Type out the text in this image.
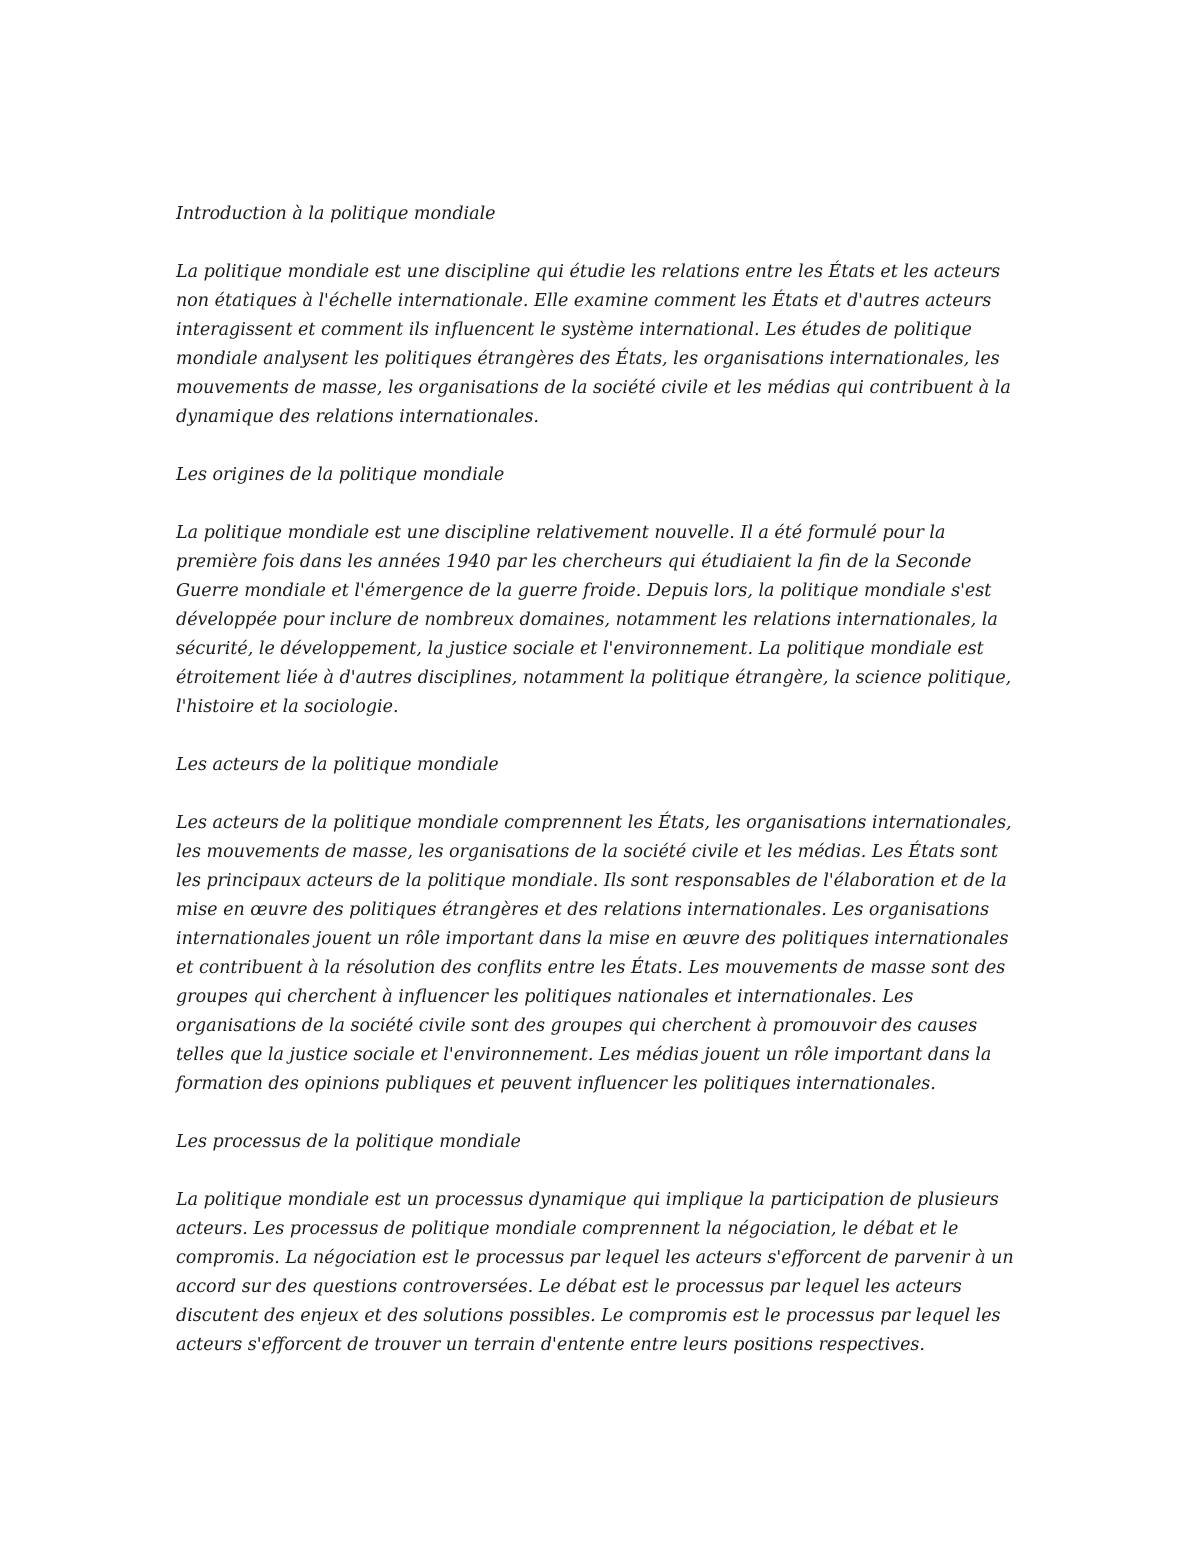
Introduction à la politique mondiale

La politique mondiale est une discipline qui étudie les relations entre les États et les acteurs non étatiques à l'échelle internationale. Elle examine comment les États et d'autres acteurs interagissent et comment ils influencent le système international. Les études de politique mondiale analysent les politiques étrangères des États, les organisations internationales, les mouvements de masse, les organisations de la société civile et les médias qui contribuent à la dynamique des relations internationales.

Les origines de la politique mondiale

La politique mondiale est une discipline relativement nouvelle. Il a été formulé pour la première fois dans les années 1940 par les chercheurs qui étudiaient la fin de la Seconde Guerre mondiale et l'émergence de la guerre froide. Depuis lors, la politique mondiale s'est développée pour inclure de nombreux domaines, notamment les relations internationales, la sécurité, le développement, la justice sociale et l'environnement. La politique mondiale est étroitement liée à d'autres disciplines, notamment la politique étrangère, la science politique, l'histoire et la sociologie.

Les acteurs de la politique mondiale

Les acteurs de la politique mondiale comprennent les États, les organisations internationales, les mouvements de masse, les organisations de la société civile et les médias. Les États sont les principaux acteurs de la politique mondiale. Ils sont responsables de l'élaboration et de la mise en œuvre des politiques étrangères et des relations internationales. Les organisations internationales jouent un rôle important dans la mise en œuvre des politiques internationales et contribuent à la résolution des conflits entre les États. Les mouvements de masse sont des groupes qui cherchent à influencer les politiques nationales et internationales. Les organisations de la société civile sont des groupes qui cherchent à promouvoir des causes telles que la justice sociale et l'environnement. Les médias jouent un rôle important dans la formation des opinions publiques et peuvent influencer les politiques internationales.

Les processus de la politique mondiale

La politique mondiale est un processus dynamique qui implique la participation de plusieurs acteurs. Les processus de politique mondiale comprennent la négociation, le débat et le compromis. La négociation est le processus par lequel les acteurs s'efforcent de parvenir à un accord sur des questions controversées. Le débat est le processus par lequel les acteurs discutent des enjeux et des solutions possibles. Le compromis est le processus par lequel les acteurs s'efforcent de trouver un terrain d'entente entre leurs positions respectives.
